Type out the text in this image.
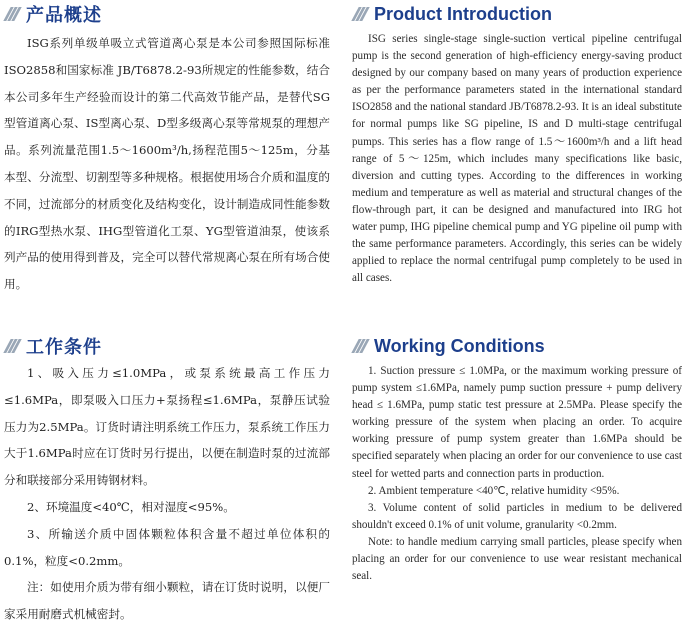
产品概述

ISG系列单级单吸立式管道离心泵是本公司参照国际标准ISO2858和国家标准 JB/T6878.2-93所规定的性能参数，结合本公司多年生产经验而设计的第二代高效节能产品，是替代SG型管道离心泵、IS型离心泵、D型多级离心泵等常规泵的理想产品。系列流量范围1.5～1600m³/h,扬程范围5～125m，分基本型、分流型、切割型等多种规格。根据使用场合介质和温度的不同，过流部分的材质变化及结构变化，设计制造成同性能参数的IRG型热水泵、IHG型管道化工泵、YG型管道油泵，使该系列产品的使用得到普及，完全可以替代常规离心泵在所有场合使用。

Product Introduction

ISG series single-stage single-suction vertical pipeline centrifugal pump is the second generation of high-efficiency energy-saving product designed by our company based on many years of production experience as per the performance parameters stated in the international standard ISO2858 and the national standard JB/T6878.2-93. It is an ideal substitute for normal pumps like SG pipeline, IS and D multi-stage centrifugal pumps. This series has a flow range of 1.5～1600m³/h and a lift head range of 5～125m, which includes many specifications like basic, diversion and cutting types. According to the differences in working medium and temperature as well as material and structural changes of the flow-through part, it can be designed and manufactured into IRG hot water pump, IHG pipeline chemical pump and YG pipeline oil pump with the same performance parameters. Accordingly, this series can be widely applied to replace the normal centrifugal pump completely to be used in all cases.

工作条件

1、吸入压力≤1.0MPa，或泵系统最高工作压力≤1.6MPa，即泵吸入口压力+泵扬程≤1.6MPa，泵静压试验压力为2.5MPa。订货时请注明系统工作压力，泵系统工作压力大于1.6MPa时应在订货时另行提出，以便在制造时泵的过流部分和联接部分采用铸钢材料。

2、环境温度<40℃，相对湿度<95%。

3、所输送介质中固体颗粒体积含量不超过单位体积的0.1%，粒度<0.2mm。

注：如使用介质为带有细小颗粒，请在订货时说明，以便厂家采用耐磨式机械密封。

Working Conditions

1. Suction pressure ≤ 1.0MPa, or the maximum working pressure of pump system ≤1.6MPa, namely pump suction pressure + pump delivery head ≤ 1.6MPa, pump static test pressure at 2.5MPa. Please specify the working pressure of the system when placing an order. To acquire working pressure of pump system greater than 1.6MPa should be specified separately when placing an order for our convenience to use cast steel for wetted parts and connection parts in production.

2. Ambient temperature <40℃, relative humidity <95%.

3. Volume content of solid particles in medium to be delivered shouldn't exceed 0.1% of unit volume, granularity <0.2mm.

Note: to handle medium carrying small particles, please specify when placing an order for our convenience to use wear resistant mechanical seal.
